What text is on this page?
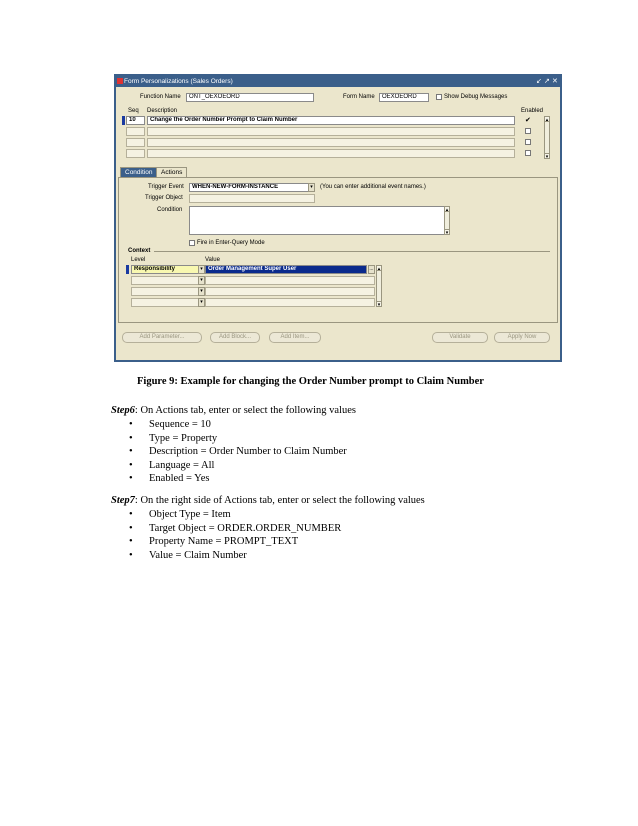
Form Personalizations (Sales Orders)	↙ ↗ ✕
Function Name	ONT_OEXOEORD	Form Name	OEXOEORD	Show Debug Messages
Seq Description	Enabled
10	Change the Order Number Prompt to Claim Number	✔	▴
▾
Condition	Actions
Trigger Event	WHEN-NEW-FORM-INSTANCE	▾	(You can enter additional event names.)
Trigger Object
Condition	▴
▾
Fire in Enter-Query Mode
Context
Level	Value
Responsibility	▾ Order Management Super User	...
▾
▾
▾
▴
▾
Add Parameter...	Add Block...	Add Item...	Validate	Apply Now
Figure 9: Example for changing the Order Number prompt to Claim Number
Step6: On Actions tab, enter or select the following values
• Sequence = 10
• Type = Property
• Description = Order Number to Claim Number
• Language = All
• Enabled = Yes
Step7: On the right side of Actions tab, enter or select the following values
• Object Type = Item
• Target Object = ORDER.ORDER_NUMBER
• Property Name = PROMPT_TEXT
• Value = Claim Number
